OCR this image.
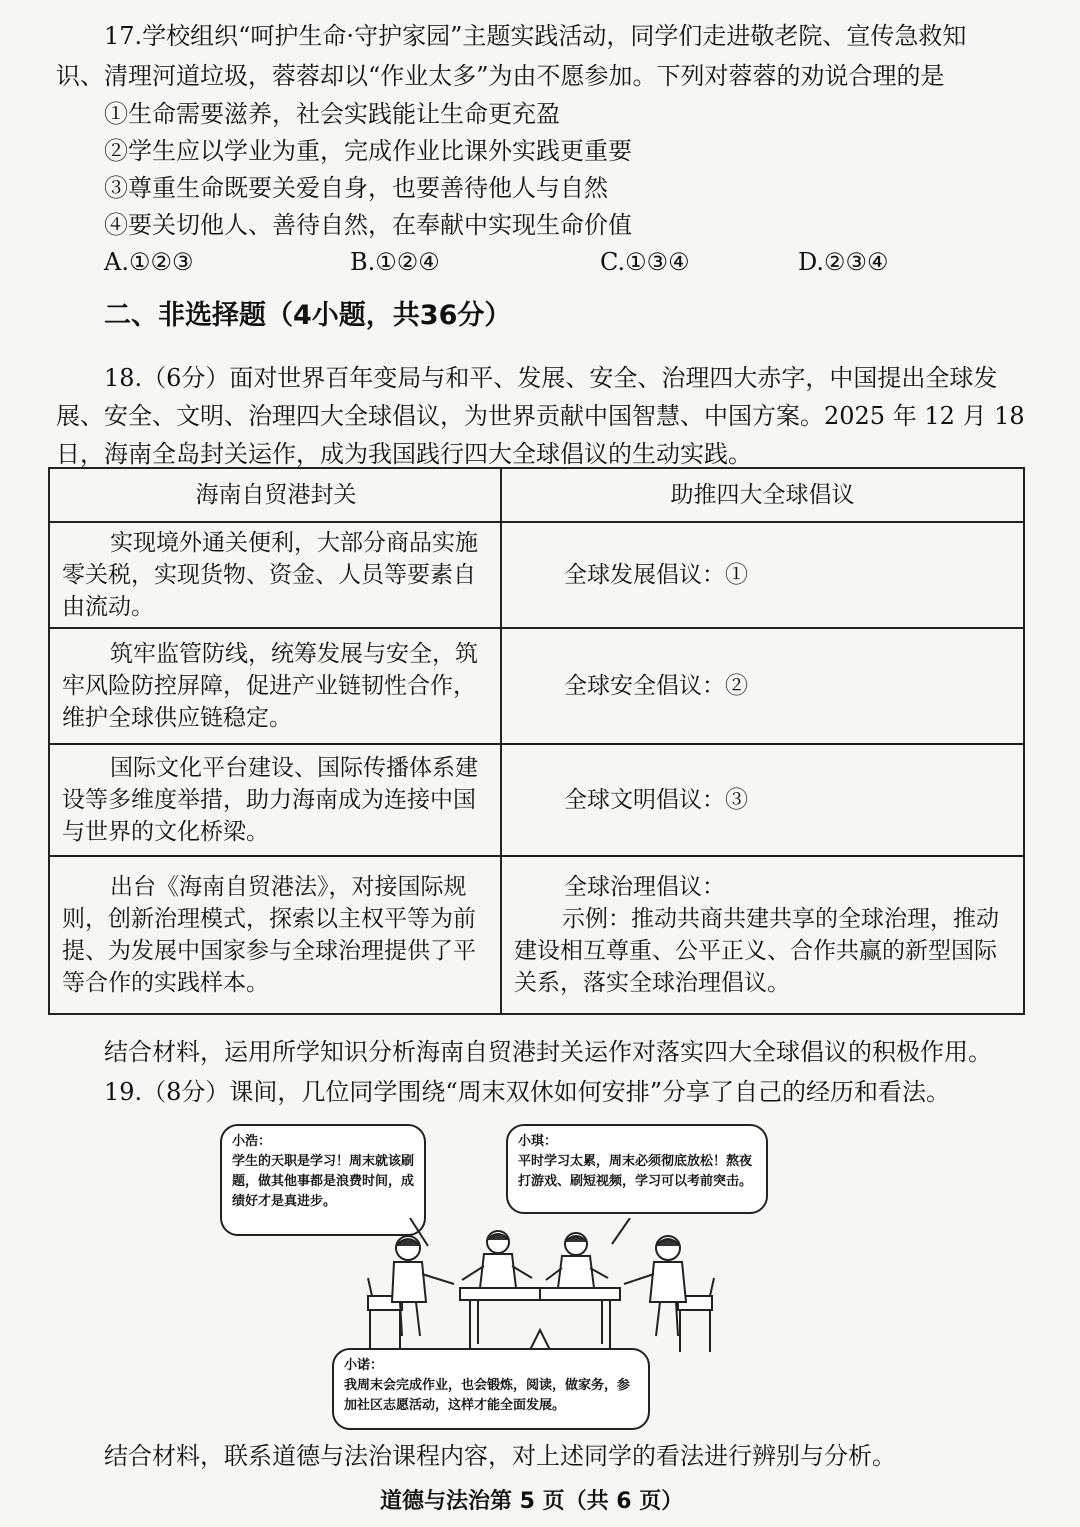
17.学校组织“呵护生命·守护家园”主题实践活动，同学们走进敬老院、宣传急救知
识、清理河道垃圾，蓉蓉却以“作业太多”为由不愿参加。下列对蓉蓉的劝说合理的是
①生命需要滋养，社会实践能让生命更充盈
②学生应以学业为重，完成作业比课外实践更重要
③尊重生命既要关爱自身，也要善待他人与自然
④要关切他人、善待自然，在奉献中实现生命价值
A.①②③	B.①②④	C.①③④	D.②③④
二、非选择题（4小题，共36分）
18.（6分）面对世界百年变局与和平、发展、安全、治理四大赤字，中国提出全球发
展、安全、文明、治理四大全球倡议，为世界贡献中国智慧、中国方案。2025 年 12 月 18
日，海南全岛封关运作，成为我国践行四大全球倡议的生动实践。
海南自贸港封关	助推四大全球倡议

实现境外通关便利，大部分商品实施零关税，实现货物、资金、人员等要素自由流动。	全球发展倡议：①

筑牢监管防线，统筹发展与安全，筑牢风险防控屏障，促进产业链韧性合作，维护全球供应链稳定。	全球安全倡议：②

国际文化平台建设、国际传播体系建设等多维度举措，助力海南成为连接中国与世界的文化桥梁。	全球文明倡议：③

出台《海南自贸港法》，对接国际规则，创新治理模式，探索以主权平等为前提、为发展中国家参与全球治理提供了平等合作的实践样本。	全球治理倡议：
示例：推动共商共建共享的全球治理，推动建设相互尊重、公平正义、合作共赢的新型国际关系，落实全球治理倡议。
结合材料，运用所学知识分析海南自贸港封关运作对落实四大全球倡议的积极作用。
19.（8分）课间，几位同学围绕“周末双休如何安排”分享了自己的经历和看法。
小浩：
学生的天职是学习！周末就该刷题，做其他事都是浪费时间，成绩好才是真进步。
小琪：
平时学习太累，周末必须彻底放松！熬夜打游戏、刷短视频，学习可以考前突击。
小诺：
我周末会完成作业，也会锻炼，阅读，做家务，参加社区志愿活动，这样才能全面发展。
结合材料，联系道德与法治课程内容，对上述同学的看法进行辨别与分析。
道德与法治第 5 页（共 6 页）
